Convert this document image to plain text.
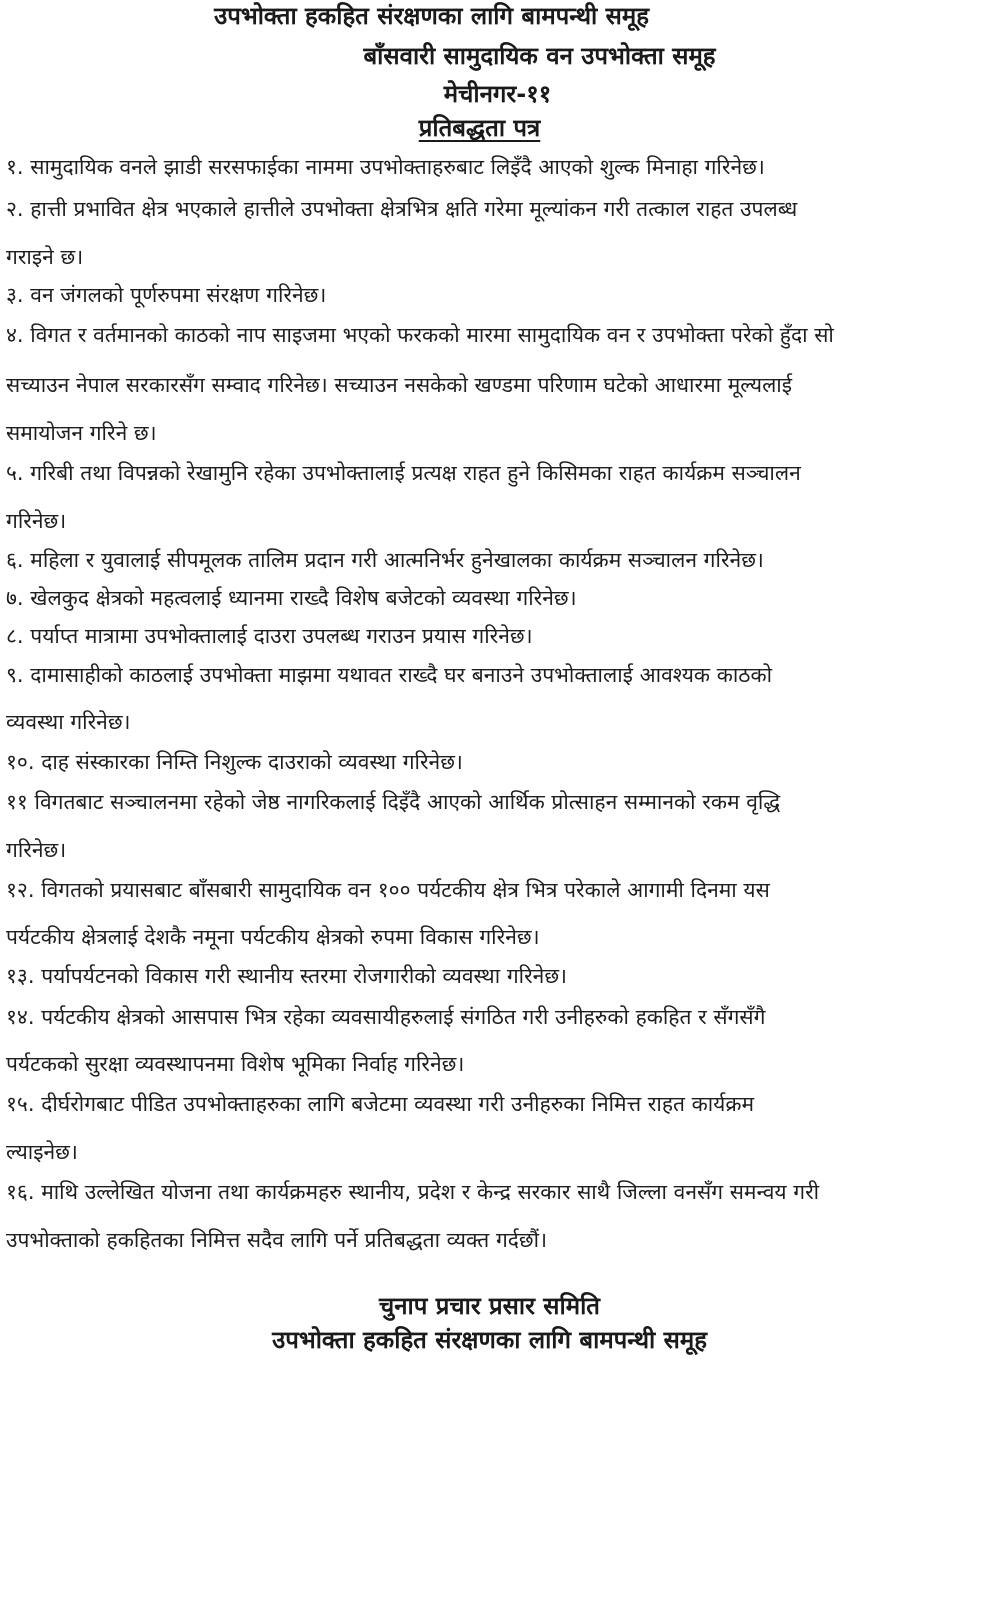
उपभोक्ता हकहित संरक्षणका लागि बामपन्थी समूह
बाँसवारी सामुदायिक वन उपभोक्ता समूह
मेचीनगर-११
प्रतिबद्धता पत्र
१. सामुदायिक वनले झाडी सरसफाईका नाममा उपभोक्ताहरुबाट लिइँदै आएको शुल्क मिनाहा गरिनेछ।
२. हात्ती प्रभावित क्षेत्र भएकाले हात्तीले उपभोक्ता क्षेत्रभित्र क्षति गरेमा मूल्यांकन गरी तत्काल राहत उपलब्ध
गराइने छ।
३. वन जंगलको पूर्णरुपमा संरक्षण गरिनेछ।
४. विगत र वर्तमानको काठको नाप साइजमा भएको फरकको मारमा सामुदायिक वन र उपभोक्ता परेको हुँदा सो
सच्याउन नेपाल सरकारसँग सम्वाद गरिनेछ। सच्याउन नसकेको खण्डमा परिणाम घटेको आधारमा मूल्यलाई
समायोजन गरिने छ।
५. गरिबी तथा विपन्नको रेखामुनि रहेका उपभोक्तालाई प्रत्यक्ष राहत हुने किसिमका राहत कार्यक्रम सञ्चालन
गरिनेछ।
६. महिला र युवालाई सीपमूलक तालिम प्रदान गरी आत्मनिर्भर हुनेखालका कार्यक्रम सञ्चालन गरिनेछ।
७. खेलकुद क्षेत्रको महत्वलाई ध्यानमा राख्दै विशेष बजेटको व्यवस्था गरिनेछ।
८. पर्याप्त मात्रामा उपभोक्तालाई दाउरा उपलब्ध गराउन प्रयास गरिनेछ।
९. दामासाहीको काठलाई उपभोक्ता माझमा यथावत राख्दै घर बनाउने उपभोक्तालाई आवश्यक काठको
व्यवस्था गरिनेछ।
१०. दाह संस्कारका निम्ति निशुल्क दाउराको व्यवस्था गरिनेछ।
११ विगतबाट सञ्चालनमा रहेको जेष्ठ नागरिकलाई दिइँदै आएको आर्थिक प्रोत्साहन सम्मानको रकम वृद्धि
गरिनेछ।
१२. विगतको प्रयासबाट बाँसबारी सामुदायिक वन १०० पर्यटकीय क्षेत्र भित्र परेकाले आगामी दिनमा यस
पर्यटकीय क्षेत्रलाई देशकै नमूना पर्यटकीय क्षेत्रको रुपमा विकास गरिनेछ।
१३. पर्यापर्यटनको विकास गरी स्थानीय स्तरमा रोजगारीको व्यवस्था गरिनेछ।
१४. पर्यटकीय क्षेत्रको आसपास भित्र रहेका व्यवसायीहरुलाई संगठित गरी उनीहरुको हकहित र सँगसँगै
पर्यटकको सुरक्षा व्यवस्थापनमा विशेष भूमिका निर्वाह गरिनेछ।
१५. दीर्घरोगबाट पीडित उपभोक्ताहरुका लागि बजेटमा व्यवस्था गरी उनीहरुका निमित्त राहत कार्यक्रम
ल्याइनेछ।
१६. माथि उल्लेखित योजना तथा कार्यक्रमहरु स्थानीय, प्रदेश र केन्द्र सरकार साथै जिल्ला वनसँग समन्वय गरी
उपभोक्ताको हकहितका निमित्त सदैव लागि पर्ने प्रतिबद्धता व्यक्त गर्दछौं।
चुनाप प्रचार प्रसार समिति
उपभोक्ता हकहित संरक्षणका लागि बामपन्थी समूह
